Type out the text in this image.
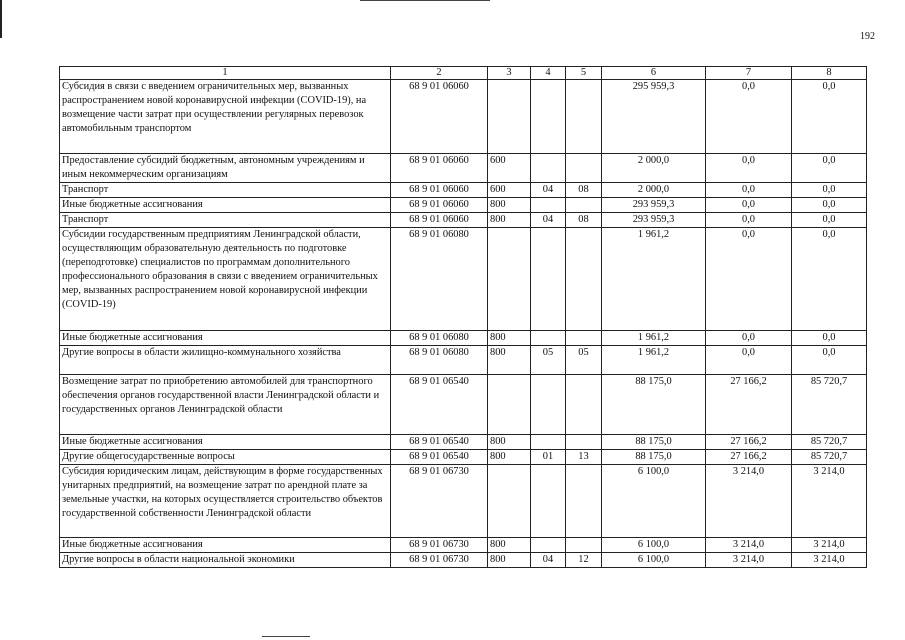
192
1	2	3	4	5	6	7	8
Субсидия в связи с введением ограничительных мер, вызванных распространением новой коронавирусной инфекции (COVID-19), на возмещение части затрат при осуществлении регулярных перевозок автомобильным транспортом	68 9 01 06060				295 959,3	0,0	0,0
Предоставление субсидий бюджетным, автономным учреждениям и иным некоммерческим организациям	68 9 01 06060	600			2 000,0	0,0	0,0
Транспорт	68 9 01 06060	600	04	08	2 000,0	0,0	0,0
Иные бюджетные ассигнования	68 9 01 06060	800			293 959,3	0,0	0,0
Транспорт	68 9 01 06060	800	04	08	293 959,3	0,0	0,0
Субсидии государственным предприятиям Ленинградской области, осуществляющим образовательную деятельность по подготовке (переподготовке) специалистов по программам дополнительного профессионального образования в связи с введением ограничительных мер, вызванных распространением новой коронавирусной инфекции (COVID-19)	68 9 01 06080				1 961,2	0,0	0,0
Иные бюджетные ассигнования	68 9 01 06080	800			1 961,2	0,0	0,0
Другие вопросы в области жилищно-коммунального хозяйства	68 9 01 06080	800	05	05	1 961,2	0,0	0,0
Возмещение затрат по приобретению автомобилей для транспортного обеспечения органов государственной власти Ленинградской области и государственных органов Ленинградской области	68 9 01 06540				88 175,0	27 166,2	85 720,7
Иные бюджетные ассигнования	68 9 01 06540	800			88 175,0	27 166,2	85 720,7
Другие общегосударственные вопросы	68 9 01 06540	800	01	13	88 175,0	27 166,2	85 720,7
Субсидия юридическим лицам, действующим в форме государственных унитарных предприятий, на возмещение затрат по арендной плате за земельные участки, на которых осуществляется строительство объектов государственной собственности Ленинградской области	68 9 01 06730				6 100,0	3 214,0	3 214,0
Иные бюджетные ассигнования	68 9 01 06730	800			6 100,0	3 214,0	3 214,0
Другие вопросы в области национальной экономики	68 9 01 06730	800	04	12	6 100,0	3 214,0	3 214,0
